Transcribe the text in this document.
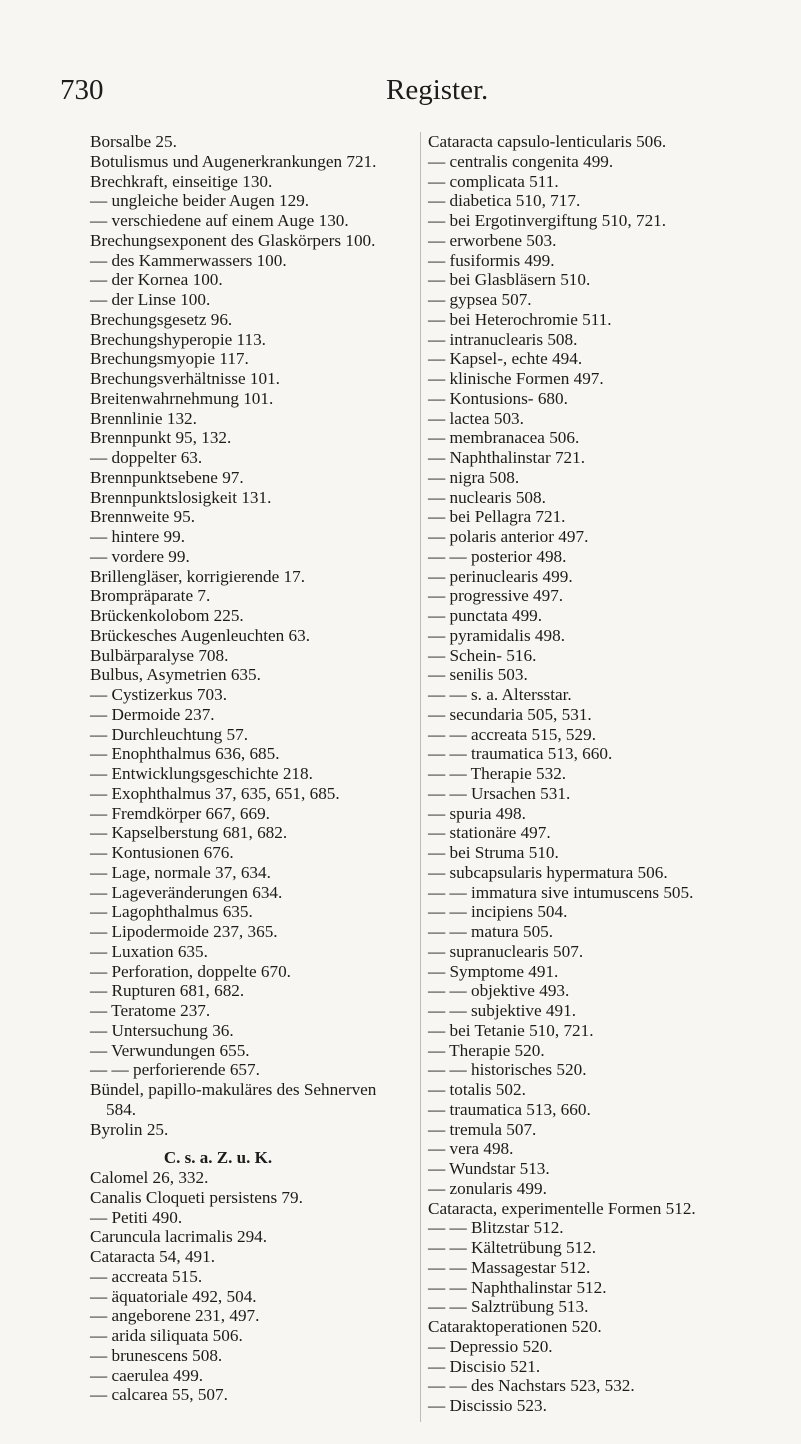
730	Register.
Borsalbe 25.
Botulismus und Augenerkrankungen 721.
Brechkraft, einseitige 130.
— ungleiche beider Augen 129.
— verschiedene auf einem Auge 130.
Brechungsexponent des Glaskörpers 100.
— des Kammerwassers 100.
— der Kornea 100.
— der Linse 100.
Brechungsgesetz 96.
Brechungshyperopie 113.
Brechungsmyopie 117.
Brechungsverhältnisse 101.
Breitenwahrnehmung 101.
Brennlinie 132.
Brennpunkt 95, 132.
— doppelter 63.
Brennpunktsebene 97.
Brennpunktslosigkeit 131.
Brennweite 95.
— hintere 99.
— vordere 99.
Brillengläser, korrigierende 17.
Brompräparate 7.
Brückenkolobom 225.
Brückesches Augenleuchten 63.
Bulbärparalyse 708.
Bulbus, Asymetrien 635.
— Cystizerkus 703.
— Dermoide 237.
— Durchleuchtung 57.
— Enophthalmus 636, 685.
— Entwicklungsgeschichte 218.
— Exophthalmus 37, 635, 651, 685.
— Fremdkörper 667, 669.
— Kapselberstung 681, 682.
— Kontusionen 676.
— Lage, normale 37, 634.
— Lageveränderungen 634.
— Lagophthalmus 635.
— Lipodermoide 237, 365.
— Luxation 635.
— Perforation, doppelte 670.
— Rupturen 681, 682.
— Teratome 237.
— Untersuchung 36.
— Verwundungen 655.
— — perforierende 657.
Bündel, papillo-makuläres des Sehnerven
584.
Byrolin 25.
C. s. a. Z. u. K.
Calomel 26, 332.
Canalis Cloqueti persistens 79.
— Petiti 490.
Caruncula lacrimalis 294.
Cataracta 54, 491.
— accreata 515.
— äquatoriale 492, 504.
— angeborene 231, 497.
— arida siliquata 506.
— brunescens 508.
— caerulea 499.
— calcarea 55, 507.
Cataracta capsulo-lenticularis 506.
— centralis congenita 499.
— complicata 511.
— diabetica 510, 717.
— bei Ergotinvergiftung 510, 721.
— erworbene 503.
— fusiformis 499.
— bei Glasbläsern 510.
— gypsea 507.
— bei Heterochromie 511.
— intranuclearis 508.
— Kapsel-, echte 494.
— klinische Formen 497.
— Kontusions- 680.
— lactea 503.
— membranacea 506.
— Naphthalinstar 721.
— nigra 508.
— nuclearis 508.
— bei Pellagra 721.
— polaris anterior 497.
— — posterior 498.
— perinuclearis 499.
— progressive 497.
— punctata 499.
— pyramidalis 498.
— Schein- 516.
— senilis 503.
— — s. a. Altersstar.
— secundaria 505, 531.
— — accreata 515, 529.
— — traumatica 513, 660.
— — Therapie 532.
— — Ursachen 531.
— spuria 498.
— stationäre 497.
— bei Struma 510.
— subcapsularis hypermatura 506.
— — immatura sive intumuscens 505.
— — incipiens 504.
— — matura 505.
— supranuclearis 507.
— Symptome 491.
— — objektive 493.
— — subjektive 491.
— bei Tetanie 510, 721.
— Therapie 520.
— — historisches 520.
— totalis 502.
— traumatica 513, 660.
— tremula 507.
— vera 498.
— Wundstar 513.
— zonularis 499.
Cataracta, experimentelle Formen 512.
— — Blitzstar 512.
— — Kältetrübung 512.
— — Massagestar 512.
— — Naphthalinstar 512.
— — Salztrübung 513.
Cataraktoperationen 520.
— Depressio 520.
— Discisio 521.
— — des Nachstars 523, 532.
— Discissio 523.
